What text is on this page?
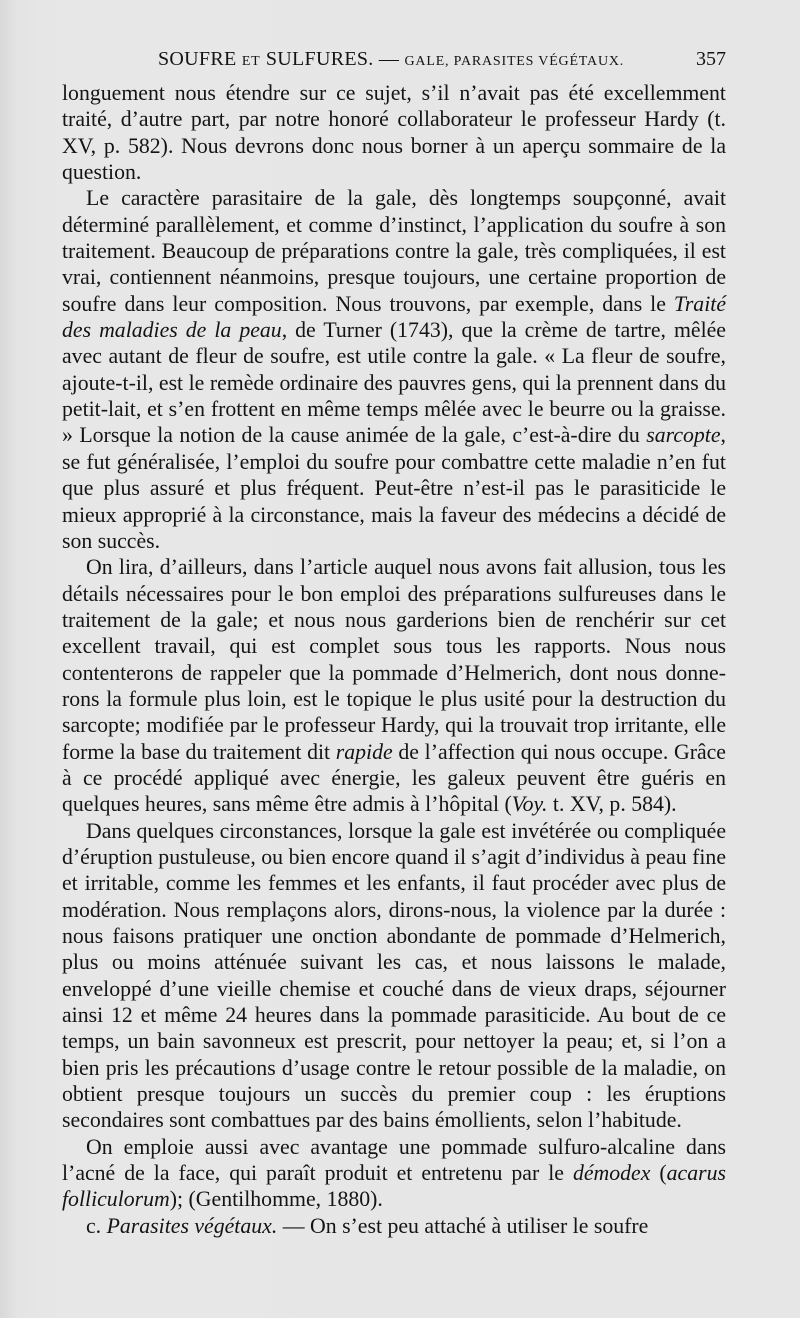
SOUFRE ET SULFURES. — GALE, PARASITES VÉGÉTAUX.	357

longuement nous étendre sur ce sujet, s’il n’avait pas été excellemment traité, d’autre part, par notre honoré collaborateur le professeur Hardy (t. XV, p. 582). Nous devrons donc nous borner à un aperçu sommaire de la question.

Le caractère parasitaire de la gale, dès longtemps soupçonné, avait déterminé parallèlement, et comme d’instinct, l’application du soufre à son traitement. Beaucoup de préparations contre la gale, très compliquées, il est vrai, contiennent néanmoins, presque toujours, une certaine proportion de soufre dans leur composition. Nous trouvons, par exemple, dans le Traité des maladies de la peau, de Turner (1743), que la crème de tartre, mêlée avec autant de fleur de soufre, est utile contre la gale. « La fleur de soufre, ajoute-t-il, est le remède ordinaire des pauvres gens, qui la prennent dans du petit-lait, et s’en frottent en même temps mêlée avec le beurre ou la graisse. » Lorsque la notion de la cause animée de la gale, c’est-à-dire du sarcopte, se fut généralisée, l’emploi du soufre pour combattre cette maladie n’en fut que plus assuré et plus fréquent. Peut-être n’est-il pas le parasiticide le mieux approprié à la circonstance, mais la faveur des médecins a décidé de son succès.

On lira, d’ailleurs, dans l’article auquel nous avons fait allusion, tous les détails nécessaires pour le bon emploi des préparations sulfureuses dans le traitement de la gale; et nous nous garderions bien de renchérir sur cet excellent travail, qui est complet sous tous les rapports. Nous nous contenterons de rappeler que la pommade d’Helmerich, dont nous donnerons la formule plus loin, est le topique le plus usité pour la destruction du sarcopte; modifiée par le professeur Hardy, qui la trouvait trop irritante, elle forme la base du traitement dit rapide de l’affection qui nous occupe. Grâce à ce procédé appliqué avec énergie, les galeux peuvent être guéris en quelques heures, sans même être admis à l’hôpital (Voy. t. XV, p. 584).

Dans quelques circonstances, lorsque la gale est invétérée ou compliquée d’éruption pustuleuse, ou bien encore quand il s’agit d’individus à peau fine et irritable, comme les femmes et les enfants, il faut procéder avec plus de modération. Nous remplaçons alors, dirons-nous, la violence par la durée : nous faisons pratiquer une onction abondante de pommade d’Helmerich, plus ou moins atténuée suivant les cas, et nous laissons le malade, enveloppé d’une vieille chemise et couché dans de vieux draps, séjourner ainsi 12 et même 24 heures dans la pommade parasiticide. Au bout de ce temps, un bain savonneux est prescrit, pour nettoyer la peau; et, si l’on a bien pris les précautions d’usage contre le retour possible de la maladie, on obtient presque toujours un succès du premier coup : les éruptions secondaires sont combattues par des bains émollients, selon l’habitude.

On emploie aussi avec avantage une pommade sulfuro-alcaline dans l’acné de la face, qui paraît produit et entretenu par le démodex (acarus folliculorum); (Gentilhomme, 1880).

c. Parasites végétaux. — On s’est peu attaché à utiliser le soufre
